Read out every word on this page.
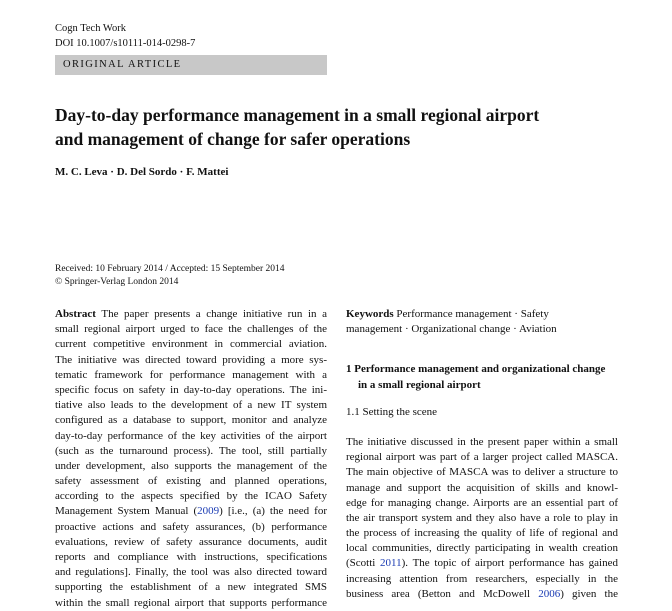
Cogn Tech Work
DOI 10.1007/s10111-014-0298-7
ORIGINAL ARTICLE
Day-to-day performance management in a small regional airport
and management of change for safer operations
M. C. Leva · D. Del Sordo · F. Mattei
Received: 10 February 2014 / Accepted: 15 September 2014
© Springer-Verlag London 2014
Abstract The paper presents a change initiative run in a
small regional airport urged to face the challenges of the
current competitive environment in commercial aviation.
The initiative was directed toward providing a more sys-
tematic framework for performance management with a
specific focus on safety in day-to-day operations. The ini-
tiative also leads to the development of a new IT system
configured as a database to support, monitor and analyze
day-to-day performance of the key activities of the airport
(such as the turnaround process). The tool, still partially
under development, also supports the management of the
safety assessment of existing and planned operations,
according to the aspects specified by the ICAO Safety
Management System Manual (2009) [i.e., (a) the need for
proactive actions and safety assurances, (b) performance
evaluations, review of safety assurance documents, audit
reports and compliance with instructions, specifications
and regulations]. Finally, the tool was also directed toward
supporting the establishment of a new integrated SMS
within the small regional airport that supports performance
Keywords Performance management · Safety
management · Organizational change · Aviation
1 Performance management and organizational change
in a small regional airport
1.1 Setting the scene
The initiative discussed in the present paper within a small
regional airport was part of a larger project called MASCA.
The main objective of MASCA was to deliver a structure to
manage and support the acquisition of skills and knowl-
edge for managing change. Airports are an essential part of
the air transport system and they also have a role to play in
the process of increasing the quality of life of regional and
local communities, directly participating in wealth creation
(Scotti 2011). The topic of airport performance has gained
increasing attention from researchers, especially in the
business area (Betton and McDowell 2006) given the
